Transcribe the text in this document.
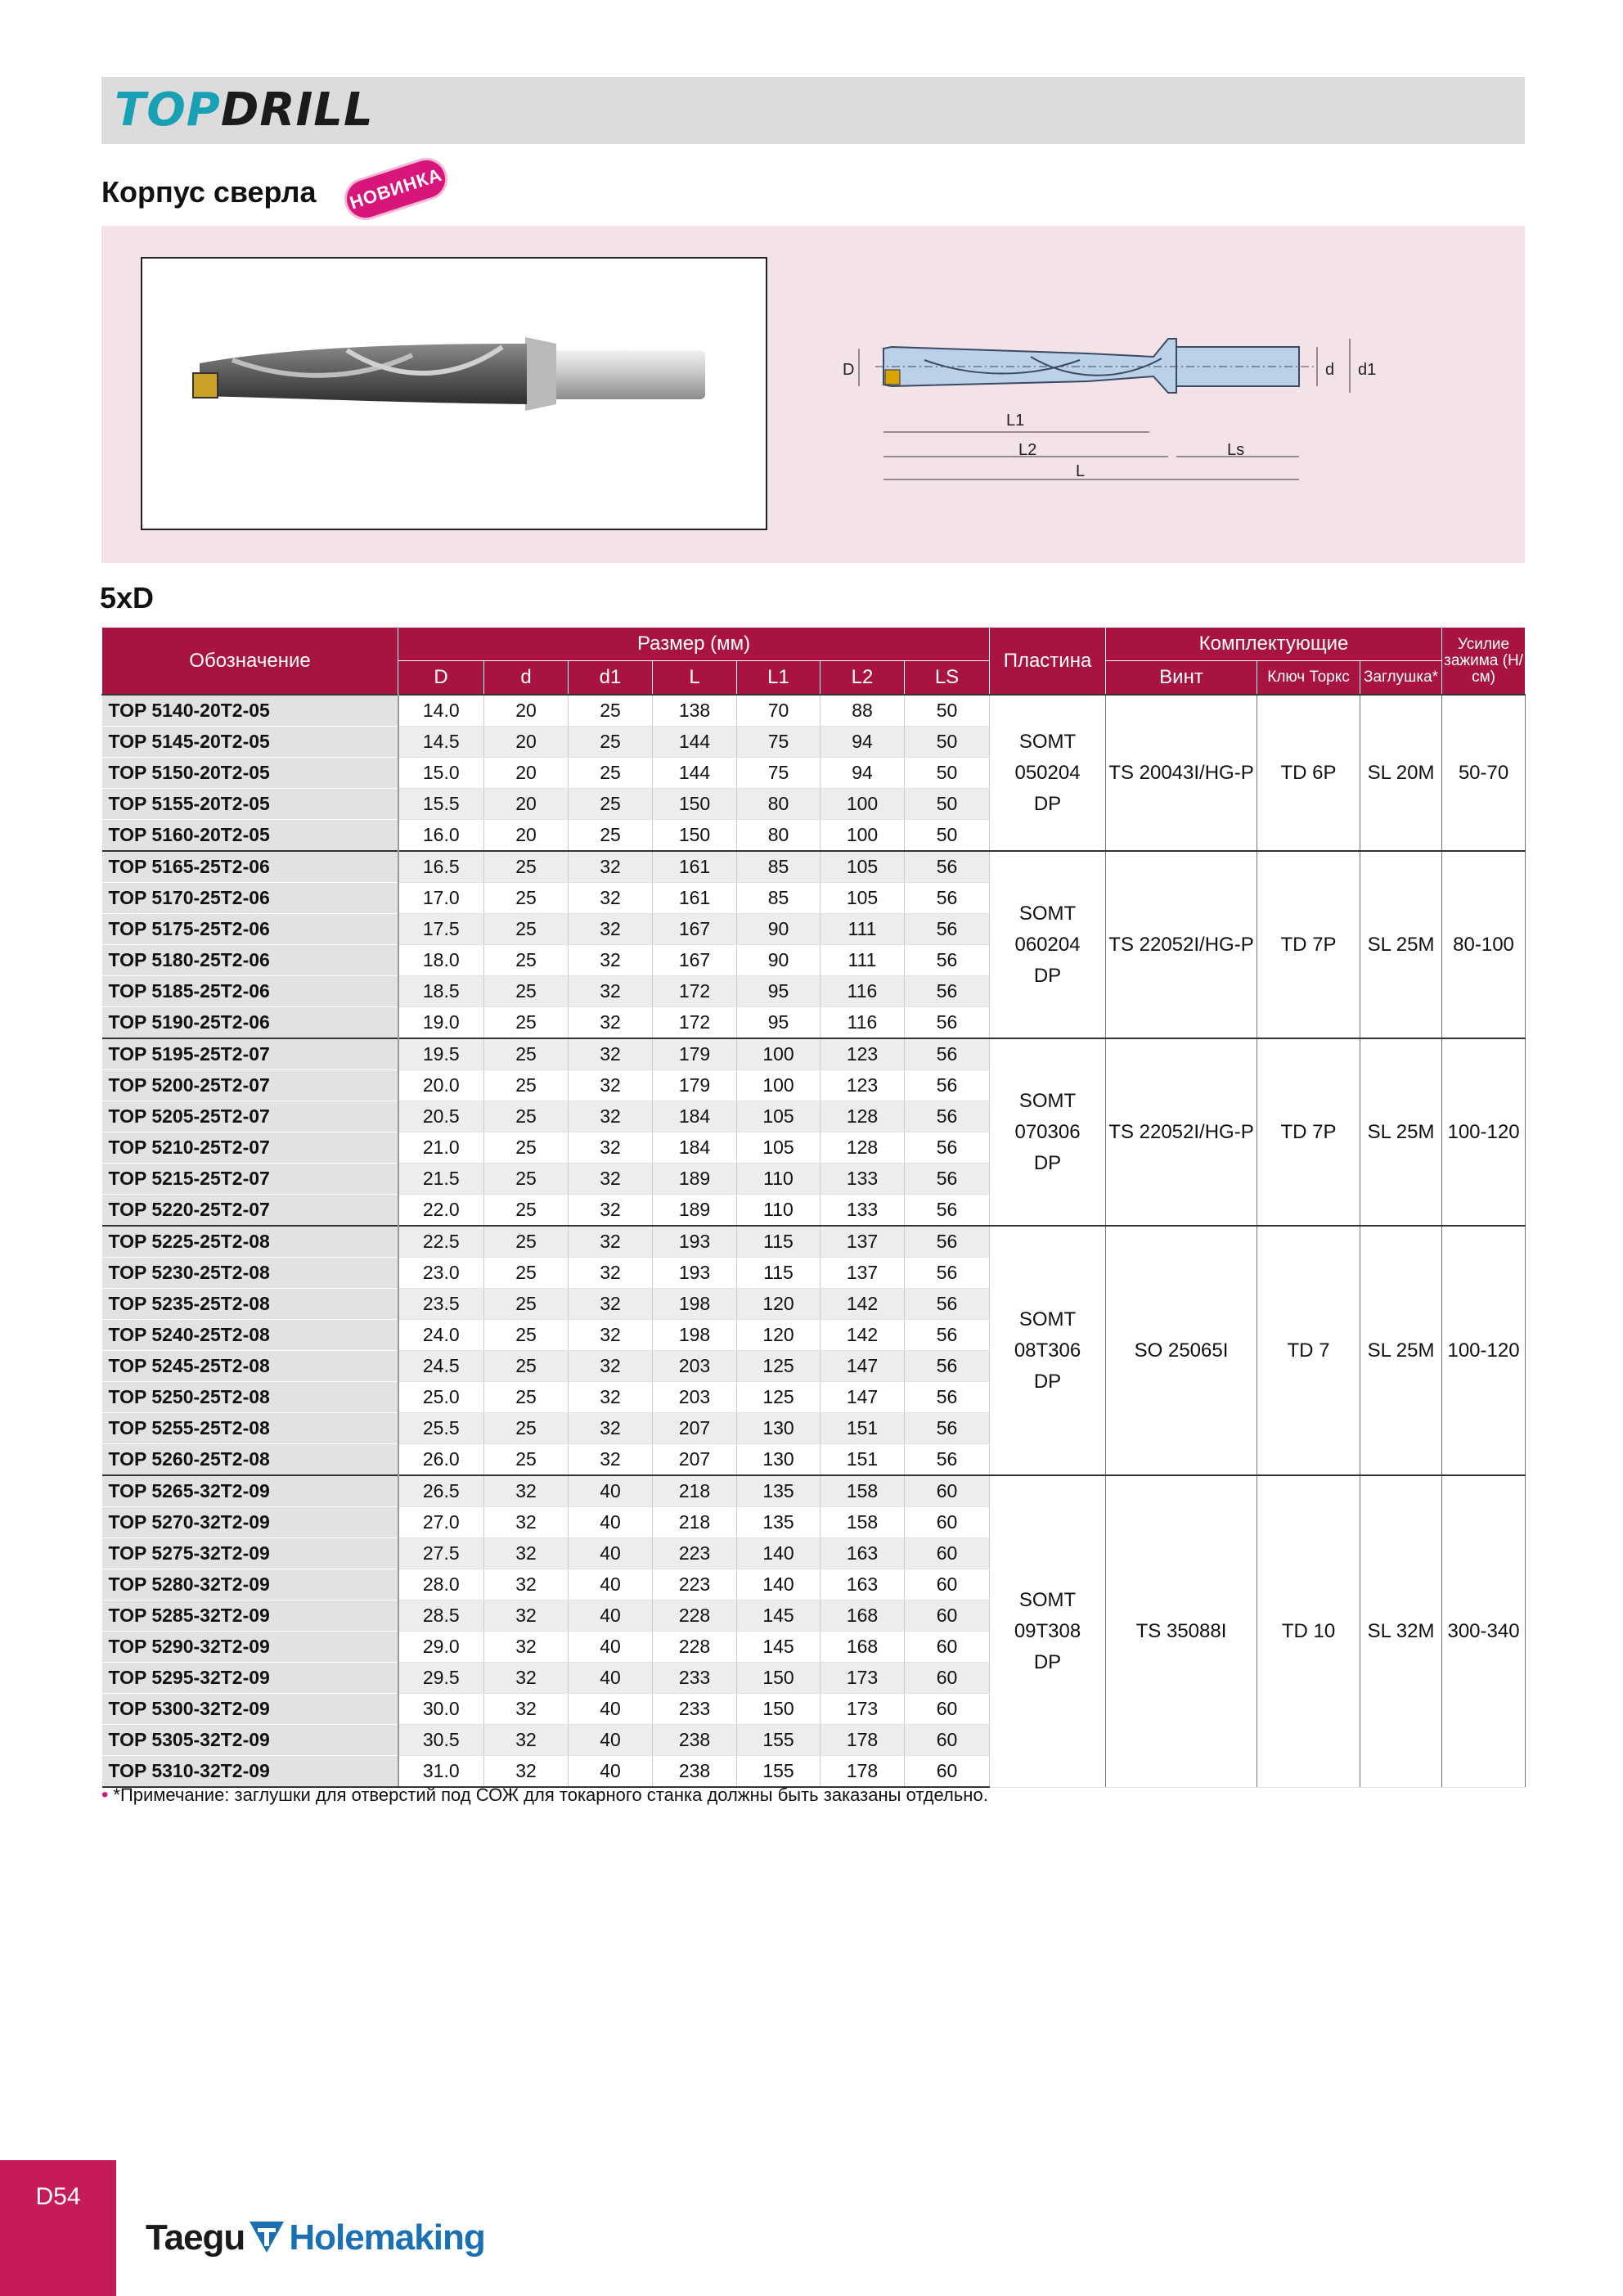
TOPDRILL
Корпус сверла НОВИНКА
D	d d1
L1
L2	Ls
L
5xD
Обозначение	Размер (мм)							Пластина	Комплектующие			Усилие зажима (Н/см)
	D	d	d1	L	L1	L2	LS		Винт	Ключ Торкс	Заглушка*	
TOP 5140-20T2-05	14.0	20	25	138	70	88	50	SOMT 050204 DP	TS 20043I/HG-P	TD 6P	SL 20M	50-70
TOP 5145-20T2-05	14.5	20	25	144	75	94	50					
TOP 5150-20T2-05	15.0	20	25	144	75	94	50					
TOP 5155-20T2-05	15.5	20	25	150	80	100	50					
TOP 5160-20T2-05	16.0	20	25	150	80	100	50					
TOP 5165-25T2-06	16.5	25	32	161	85	105	56	SOMT 060204 DP	TS 22052I/HG-P	TD 7P	SL 25M	80-100
TOP 5170-25T2-06	17.0	25	32	161	85	105	56					
TOP 5175-25T2-06	17.5	25	32	167	90	111	56					
TOP 5180-25T2-06	18.0	25	32	167	90	111	56					
TOP 5185-25T2-06	18.5	25	32	172	95	116	56					
TOP 5190-25T2-06	19.0	25	32	172	95	116	56					
TOP 5195-25T2-07	19.5	25	32	179	100	123	56	SOMT 070306 DP	TS 22052I/HG-P	TD 7P	SL 25M	100-120
TOP 5200-25T2-07	20.0	25	32	179	100	123	56					
TOP 5205-25T2-07	20.5	25	32	184	105	128	56					
TOP 5210-25T2-07	21.0	25	32	184	105	128	56					
TOP 5215-25T2-07	21.5	25	32	189	110	133	56					
TOP 5220-25T2-07	22.0	25	32	189	110	133	56					
TOP 5225-25T2-08	22.5	25	32	193	115	137	56	SOMT 08T306 DP	SO 25065I	TD 7	SL 25M	100-120
TOP 5230-25T2-08	23.0	25	32	193	115	137	56					
TOP 5235-25T2-08	23.5	25	32	198	120	142	56					
TOP 5240-25T2-08	24.0	25	32	198	120	142	56					
TOP 5245-25T2-08	24.5	25	32	203	125	147	56					
TOP 5250-25T2-08	25.0	25	32	203	125	147	56					
TOP 5255-25T2-08	25.5	25	32	207	130	151	56					
TOP 5260-25T2-08	26.0	25	32	207	130	151	56					
TOP 5265-32T2-09	26.5	32	40	218	135	158	60	SOMT 09T308 DP	TS 35088I	TD 10	SL 32M	300-340
TOP 5270-32T2-09	27.0	32	40	218	135	158	60					
TOP 5275-32T2-09	27.5	32	40	223	140	163	60					
TOP 5280-32T2-09	28.0	32	40	223	140	163	60					
TOP 5285-32T2-09	28.5	32	40	228	145	168	60					
TOP 5290-32T2-09	29.0	32	40	228	145	168	60					
TOP 5295-32T2-09	29.5	32	40	233	150	173	60					
TOP 5300-32T2-09	30.0	32	40	233	150	173	60					
TOP 5305-32T2-09	30.5	32	40	238	155	178	60					
TOP 5310-32T2-09	31.0	32	40	238	155	178	60					
• *Примечание: заглушки для отверстий под СОЖ для токарного станка должны быть заказаны отдельно.
D54
Taegu Holemaking
